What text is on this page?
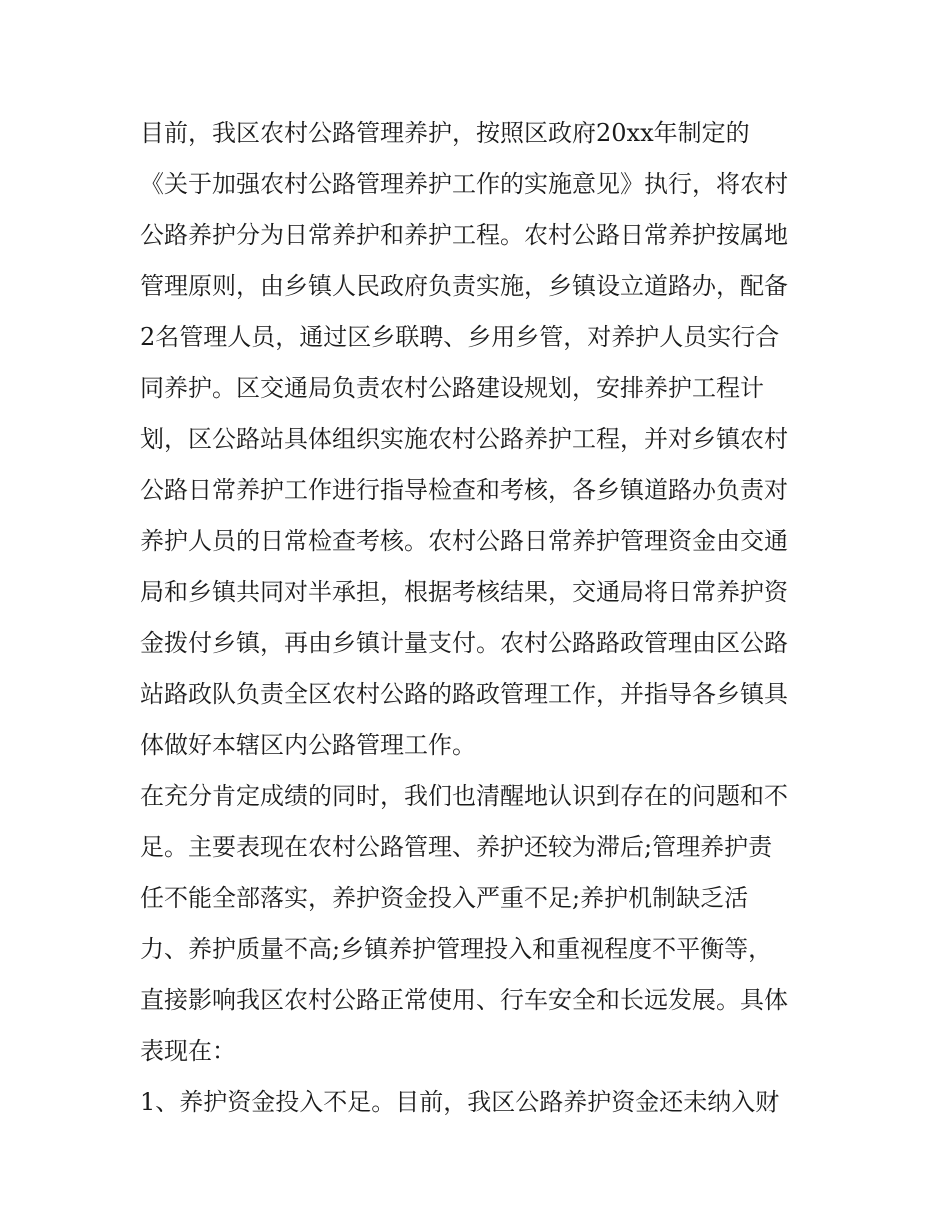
目前，我区农村公路管理养护，按照区政府20xx年制定的
《关于加强农村公路管理养护工作的实施意见》执行，将农村
公路养护分为日常养护和养护工程。农村公路日常养护按属地
管理原则，由乡镇人民政府负责实施，乡镇设立道路办，配备
2名管理人员，通过区乡联聘、乡用乡管，对养护人员实行合
同养护。区交通局负责农村公路建设规划，安排养护工程计
划，区公路站具体组织实施农村公路养护工程，并对乡镇农村
公路日常养护工作进行指导检查和考核，各乡镇道路办负责对
养护人员的日常检查考核。农村公路日常养护管理资金由交通
局和乡镇共同对半承担，根据考核结果，交通局将日常养护资
金拨付乡镇，再由乡镇计量支付。农村公路路政管理由区公路
站路政队负责全区农村公路的路政管理工作，并指导各乡镇具
体做好本辖区内公路管理工作。
在充分肯定成绩的同时，我们也清醒地认识到存在的问题和不
足。主要表现在农村公路管理、养护还较为滞后;管理养护责
任不能全部落实，养护资金投入严重不足;养护机制缺乏活
力、养护质量不高;乡镇养护管理投入和重视程度不平衡等，
直接影响我区农村公路正常使用、行车安全和长远发展。具体
表现在：
1、养护资金投入不足。目前，我区公路养护资金还未纳入财
